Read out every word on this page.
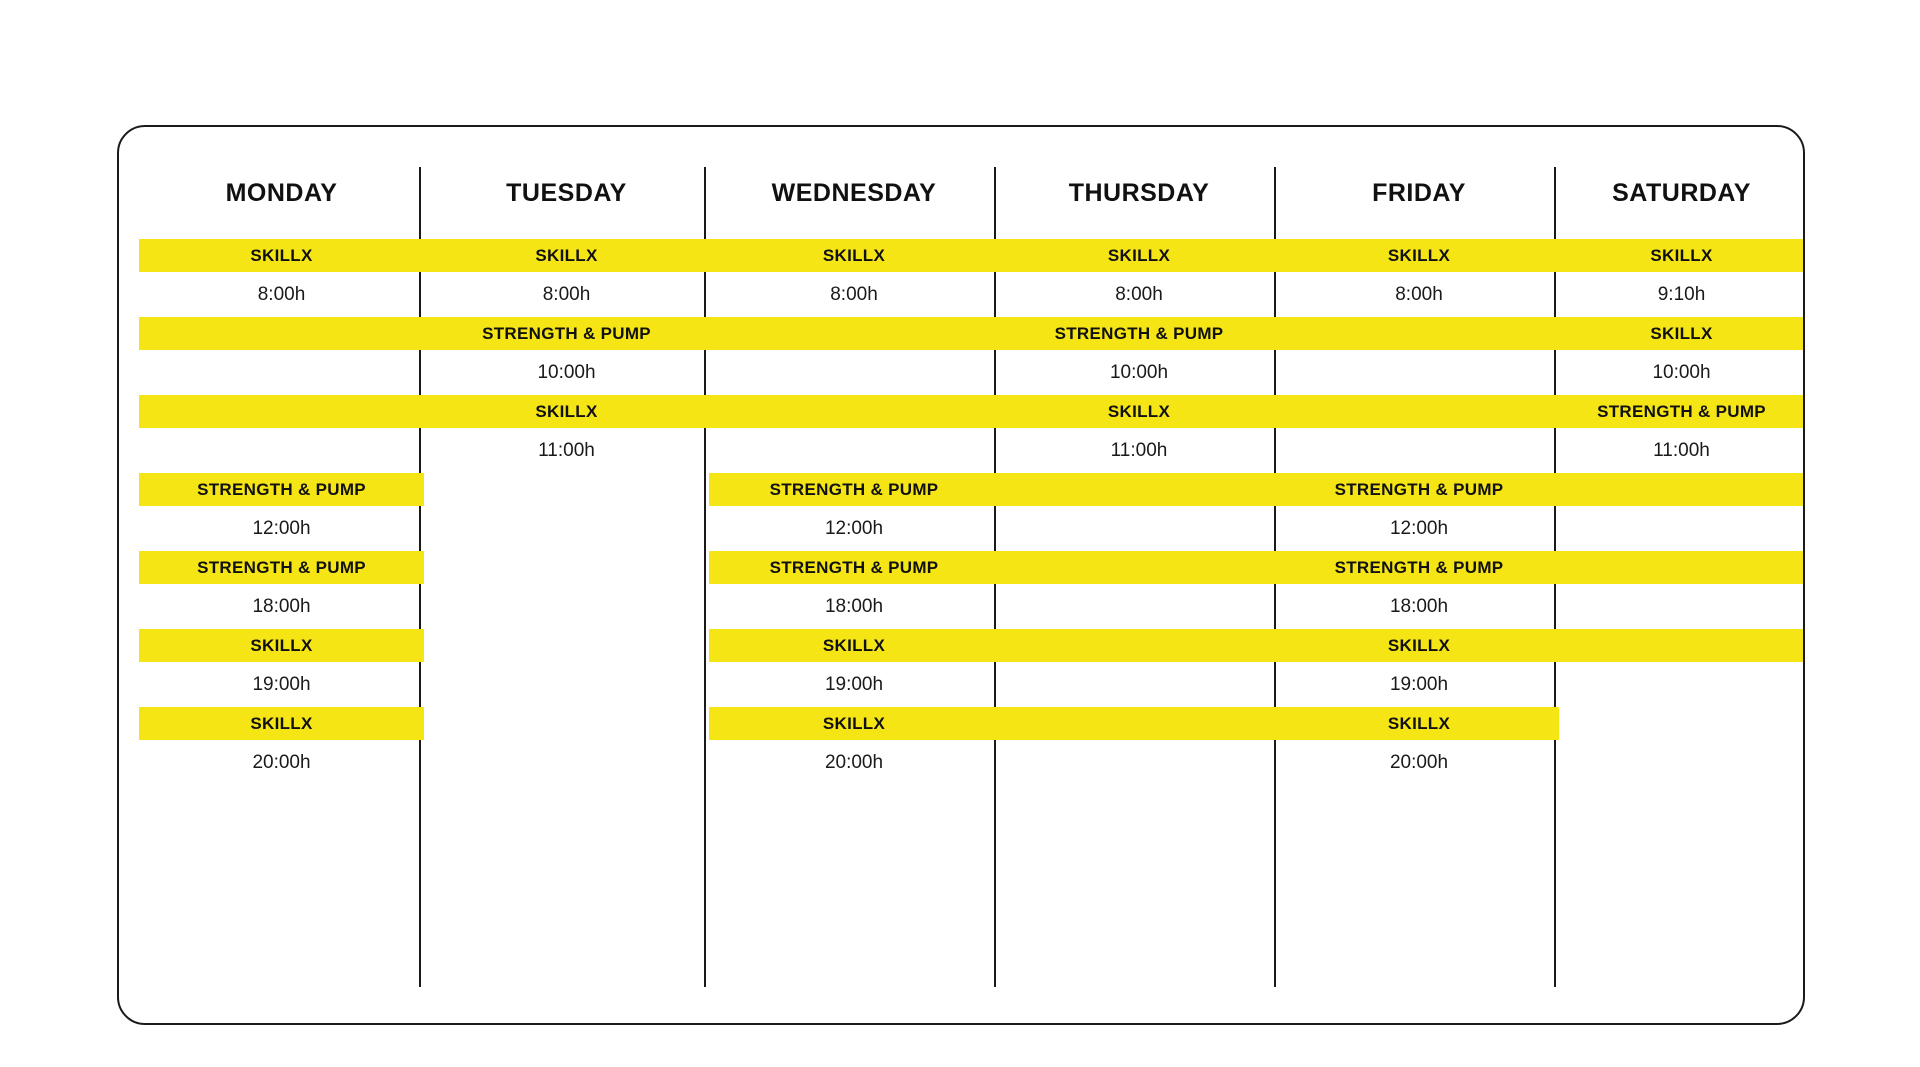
MONDAY
SKILLX
8:00h
STRENGTH & PUMP
12:00h
STRENGTH & PUMP
18:00h
SKILLX
19:00h
SKILLX
20:00h
TUESDAY
SKILLX
8:00h
STRENGTH & PUMP
10:00h
SKILLX
11:00h
WEDNESDAY
SKILLX
8:00h
STRENGTH & PUMP
12:00h
STRENGTH & PUMP
18:00h
SKILLX
19:00h
SKILLX
20:00h
THURSDAY
SKILLX
8:00h
STRENGTH & PUMP
10:00h
SKILLX
11:00h
FRIDAY
SKILLX
8:00h
STRENGTH & PUMP
12:00h
STRENGTH & PUMP
18:00h
SKILLX
19:00h
SKILLX
20:00h
SATURDAY
SKILLX
9:10h
SKILLX
10:00h
STRENGTH & PUMP
11:00h
